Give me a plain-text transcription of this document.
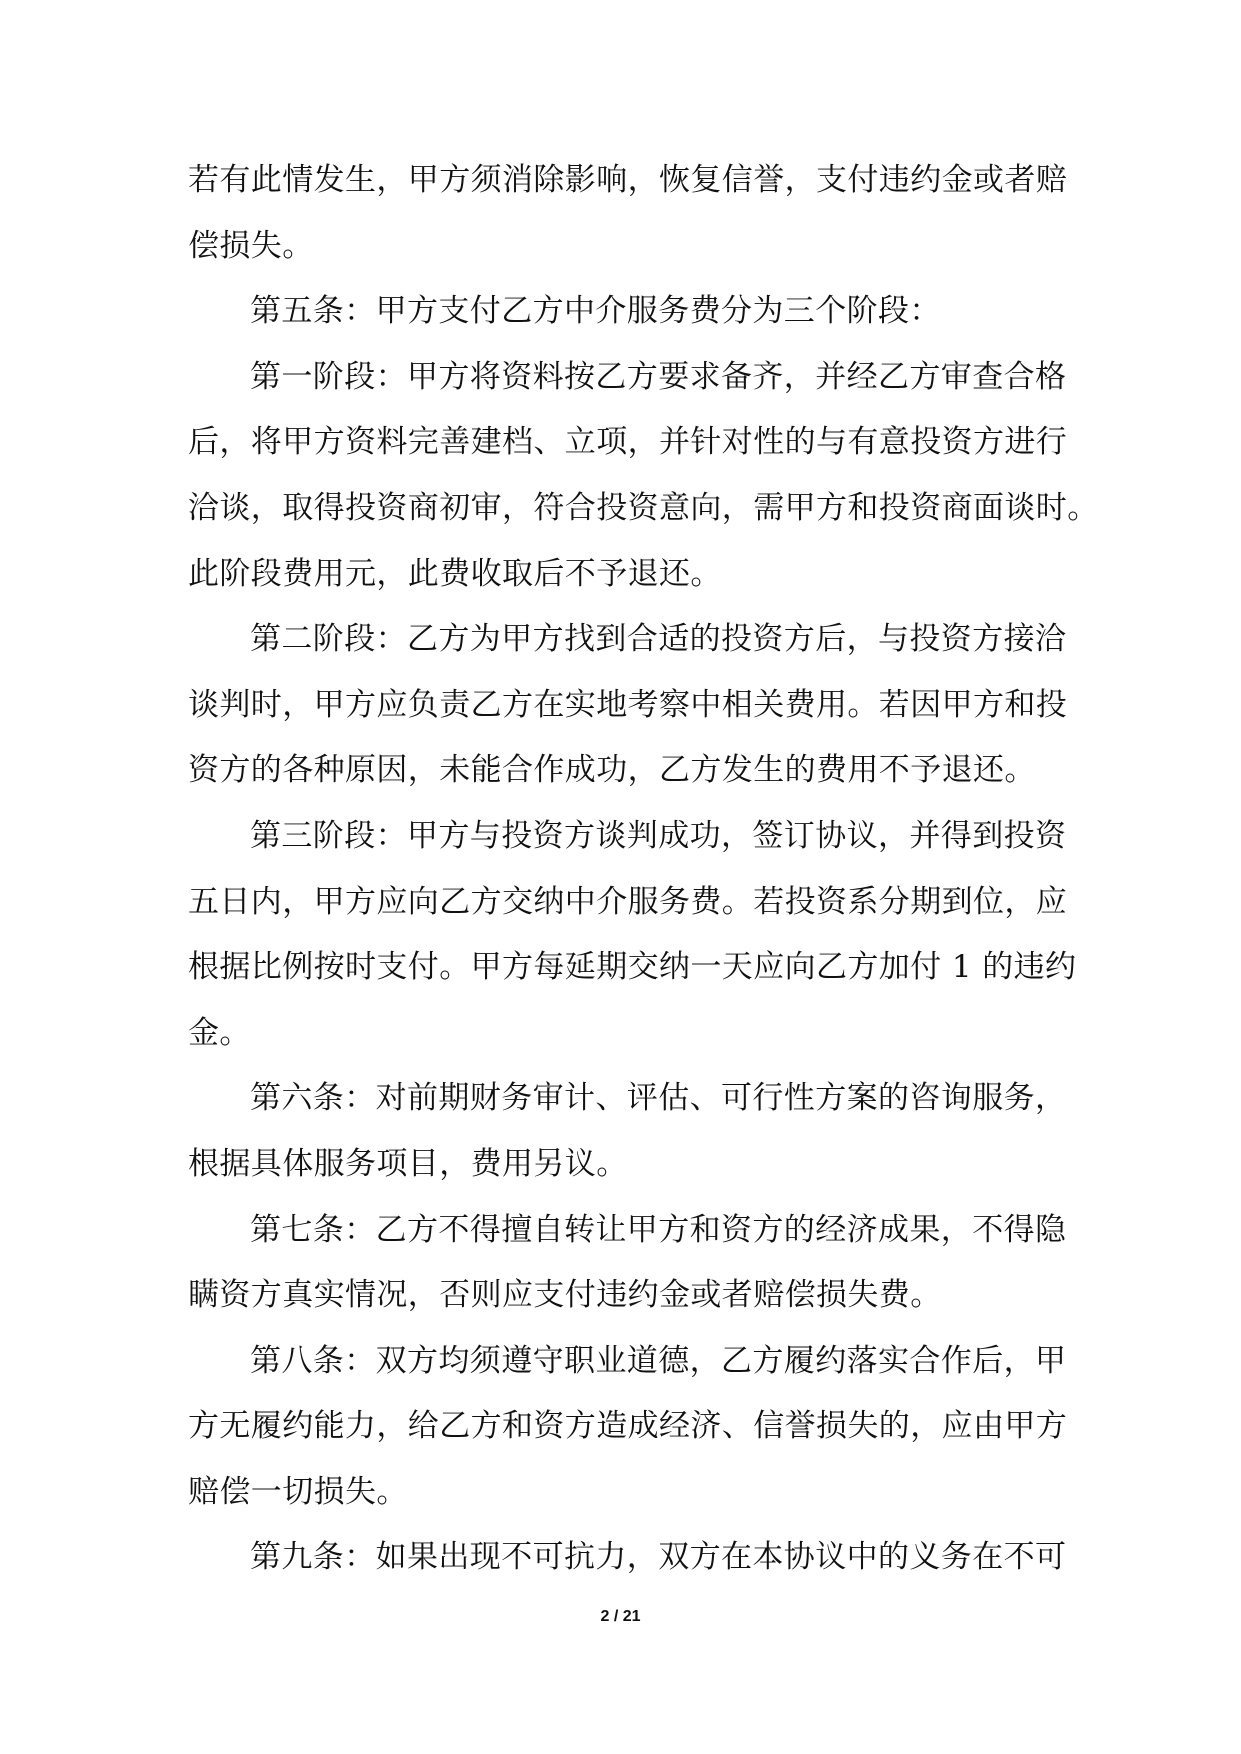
若有此情发生，甲方须消除影响，恢复信誉，支付违约金或者赔
偿损失。
第五条：甲方支付乙方中介服务费分为三个阶段：
第一阶段：甲方将资料按乙方要求备齐，并经乙方审查合格
后，将甲方资料完善建档、立项，并针对性的与有意投资方进行
洽谈，取得投资商初审，符合投资意向，需甲方和投资商面谈时。
此阶段费用元，此费收取后不予退还。
第二阶段：乙方为甲方找到合适的投资方后，与投资方接洽
谈判时，甲方应负责乙方在实地考察中相关费用。若因甲方和投
资方的各种原因，未能合作成功，乙方发生的费用不予退还。
第三阶段：甲方与投资方谈判成功，签订协议，并得到投资
五日内，甲方应向乙方交纳中介服务费。若投资系分期到位，应
根据比例按时支付。甲方每延期交纳一天应向乙方加付 1 的违约
金。
第六条：对前期财务审计、评估、可行性方案的咨询服务，
根据具体服务项目，费用另议。
第七条：乙方不得擅自转让甲方和资方的经济成果，不得隐
瞒资方真实情况，否则应支付违约金或者赔偿损失费。
第八条：双方均须遵守职业道德，乙方履约落实合作后，甲
方无履约能力，给乙方和资方造成经济、信誉损失的，应由甲方
赔偿一切损失。
第九条：如果出现不可抗力，双方在本协议中的义务在不可
2 / 21
